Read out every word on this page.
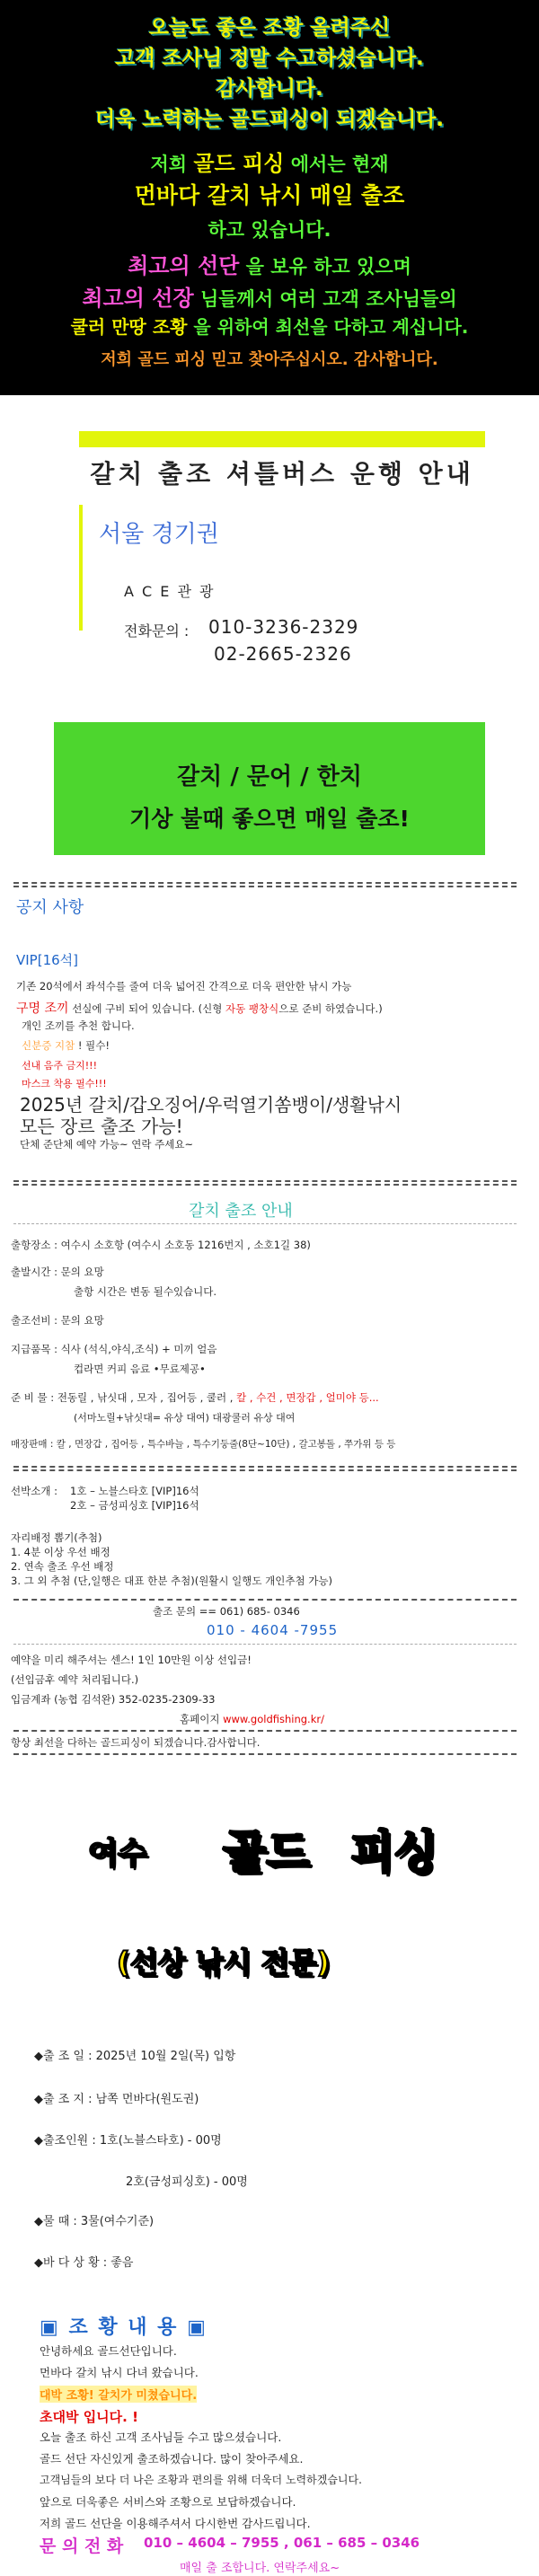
오늘도 좋은 조황 올려주신

고객 조사님 정말 수고하셨습니다.

감사합니다.

더욱 노력하는 골드피싱이 되겠습니다.

저희 골드 피싱 에서는 현재

먼바다 갈치 낚시 매일 출조

하고 있습니다.

최고의 선단 을 보유 하고 있으며

최고의 선장 님들께서 여러 고객 조사님들의

쿨러 만땅 조황 을 위하여 최선을 다하고 계십니다.

저희 골드 피싱 믿고 찾아주십시오. 감사합니다.

갈치 출조 셔틀버스 운행 안내
서울 경기권
A C E 관 광
전화문의 : 010-3236-2329
02-2665-2326
갈치 / 문어 / 한치
기상 불때 좋으면 매일 출조!
공지 사항
VIP[16석]
기존 20석에서 좌석수를 줄여 더욱 넓어진 간격으로 더욱 편안한 낚시 가능
구명 조끼 선실에 구비 되어 있습니다. (신형 자동 팽창식으로 준비 하였습니다.)
개인 조끼를 추천 합니다.
신분증 지참 ! 필수!
선내 음주 금지!!!
마스크 착용 필수!!!
2025년 갈치/갑오징어/우럭열기쏨뱅이/생활낚시
모든 장르 출조 가능!
단체 준단체 예약 가능~ 연락 주세요~
갈치 출조 안내
출항장소 : 여수시 소호항 (여수시 소호동 1216번지 , 소호1길 38)
출발시간 : 문의 요망
출항 시간은 변동 될수있습니다.
출조선비 : 문의 요망
지급품목 : 식사 (석식,야식,조식) + 미끼 얼음
컵라면 커피 음료 •무료제공•
준 비 물 : 전동릴 , 낚싯대 , 모자 , 집어등 , 쿨러 , 칼 , 수건 , 면장갑 , 얼미야 등...
(서마노릴+낚싯대= 유상 대여) 대광쿨러 유상 대여
매장판매 : 칼 , 면장갑 , 집어등 , 특수바늘 , 특수기둥줄(8단~10단) , 갈고봉돌 , 쭈가위 등 등
선박소개 : 1호 – 노블스타호 [VIP]16석
2호 – 금성피싱호 [VIP]16석
자리배정 뽑기(추첨)
1. 4분 이상 우선 배정
2. 연속 출조 우선 배정
3. 그 외 추첨 (단,일행은 대표 한분 추첨)(원활시 일행도 개인추첨 가능)
출조 문의 == 061) 685- 0346
010 - 4604 -7955
예약을 미리 해주셔는 센스! 1인 10만원 이상 선입금!
(선입금후 예약 처리됩니다.)
입금계좌 (농협 김석완) 352-0235-2309-33
홈페이지 www.goldfishing.kr/
항상 최선을 다하는 골드피싱이 되겠습니다.감사합니다.
여수 골드 피싱
(선상 낚시 전문)
◆출 조 일 : 2025년 10월 2일(목) 입항
◆출 조 지 : 남쪽 먼바다(원도권)
◆출조인원 : 1호(노블스타호) - 00명
2호(금성피싱호) - 00명
◆물 때 : 3물(여수기준)
◆바 다 상 황 : 좋음
▣ 조 황 내 용 ▣
안녕하세요 골드선단입니다.
먼바다 갈치 낚시 다녀 왔습니다.
대박 조황! 갈치가 미쳤습니다.
초대박 입니다. !
오늘 출조 하신 고객 조사님들 수고 많으셨습니다.
골드 선단 자신있게 출조하겠습니다. 많이 찾아주세요.
고객님들의 보다 더 나은 조황과 편의를 위해 더욱더 노력하겠습니다.
앞으로 더욱좋은 서비스와 조황으로 보답하겠습니다.
저희 골드 선단을 이용해주셔서 다시한번 감사드립니다.
문 의 전 화 010 – 4604 – 7955 , 061 – 685 – 0346
매일 출 조합니다. 연락주세요~
